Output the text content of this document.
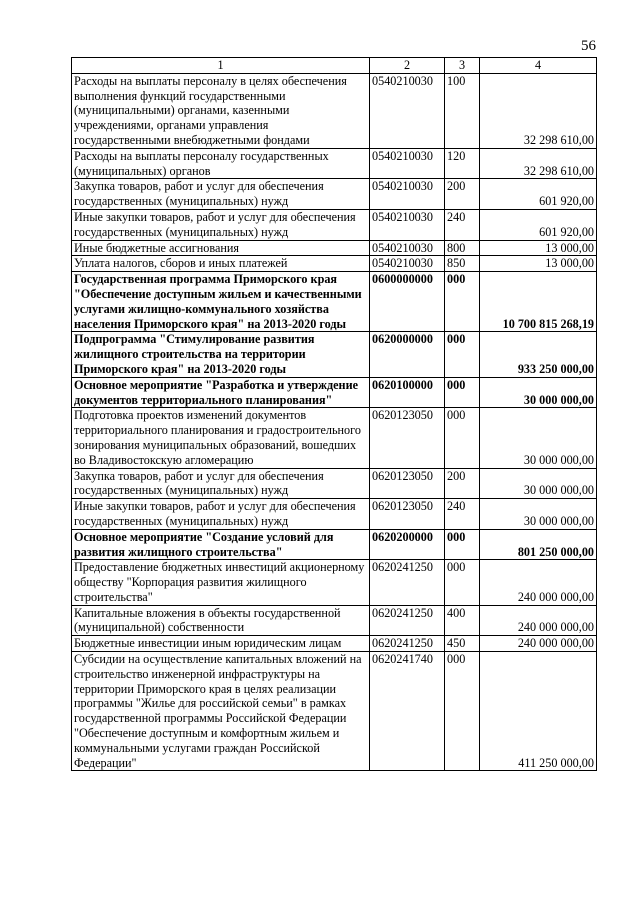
56
1	2	3	4
Расходы на выплаты персоналу в целях обеспечения выполнения функций государственными (муниципальными) органами, казенными учреждениями, органами управления государственными внебюджетными фондами	0540210030	100	32 298 610,00
Расходы на выплаты персоналу государственных (муниципальных) органов	0540210030	120	32 298 610,00
Закупка товаров, работ и услуг для обеспечения государственных (муниципальных) нужд	0540210030	200	601 920,00
Иные закупки товаров, работ и услуг для обеспечения государственных (муниципальных) нужд	0540210030	240	601 920,00
Иные бюджетные ассигнования	0540210030	800	13 000,00
Уплата налогов, сборов и иных платежей	0540210030	850	13 000,00
Государственная программа Приморского края "Обеспечение доступным жильем и качественными услугами жилищно-коммунального хозяйства населения Приморского края" на 2013-2020 годы	0600000000	000	10 700 815 268,19
Подпрограмма "Стимулирование развития жилищного строительства на территории Приморского края" на 2013-2020 годы	0620000000	000	933 250 000,00
Основное мероприятие "Разработка и утверждение документов территориального планирования"	0620100000	000	30 000 000,00
Подготовка проектов изменений документов территориального планирования и градостроительного зонирования муниципальных образований, вошедших во Владивостокскую агломерацию	0620123050	000	30 000 000,00
Закупка товаров, работ и услуг для обеспечения государственных (муниципальных) нужд	0620123050	200	30 000 000,00
Иные закупки товаров, работ и услуг для обеспечения государственных (муниципальных) нужд	0620123050	240	30 000 000,00
Основное мероприятие "Создание условий для развития жилищного строительства"	0620200000	000	801 250 000,00
Предоставление бюджетных инвестиций акционерному обществу "Корпорация развития жилищного строительства"	0620241250	000	240 000 000,00
Капитальные вложения в объекты государственной (муниципальной) собственности	0620241250	400	240 000 000,00
Бюджетные инвестиции иным юридическим лицам	0620241250	450	240 000 000,00
Субсидии на осуществление капитальных вложений на строительство инженерной инфраструктуры на территории Приморского края в целях реализации программы "Жилье для российской семьи" в рамках государственной программы Российской Федерации "Обеспечение доступным и комфортным жильем и коммунальными услугами граждан Российской Федерации"	0620241740	000	411 250 000,00
